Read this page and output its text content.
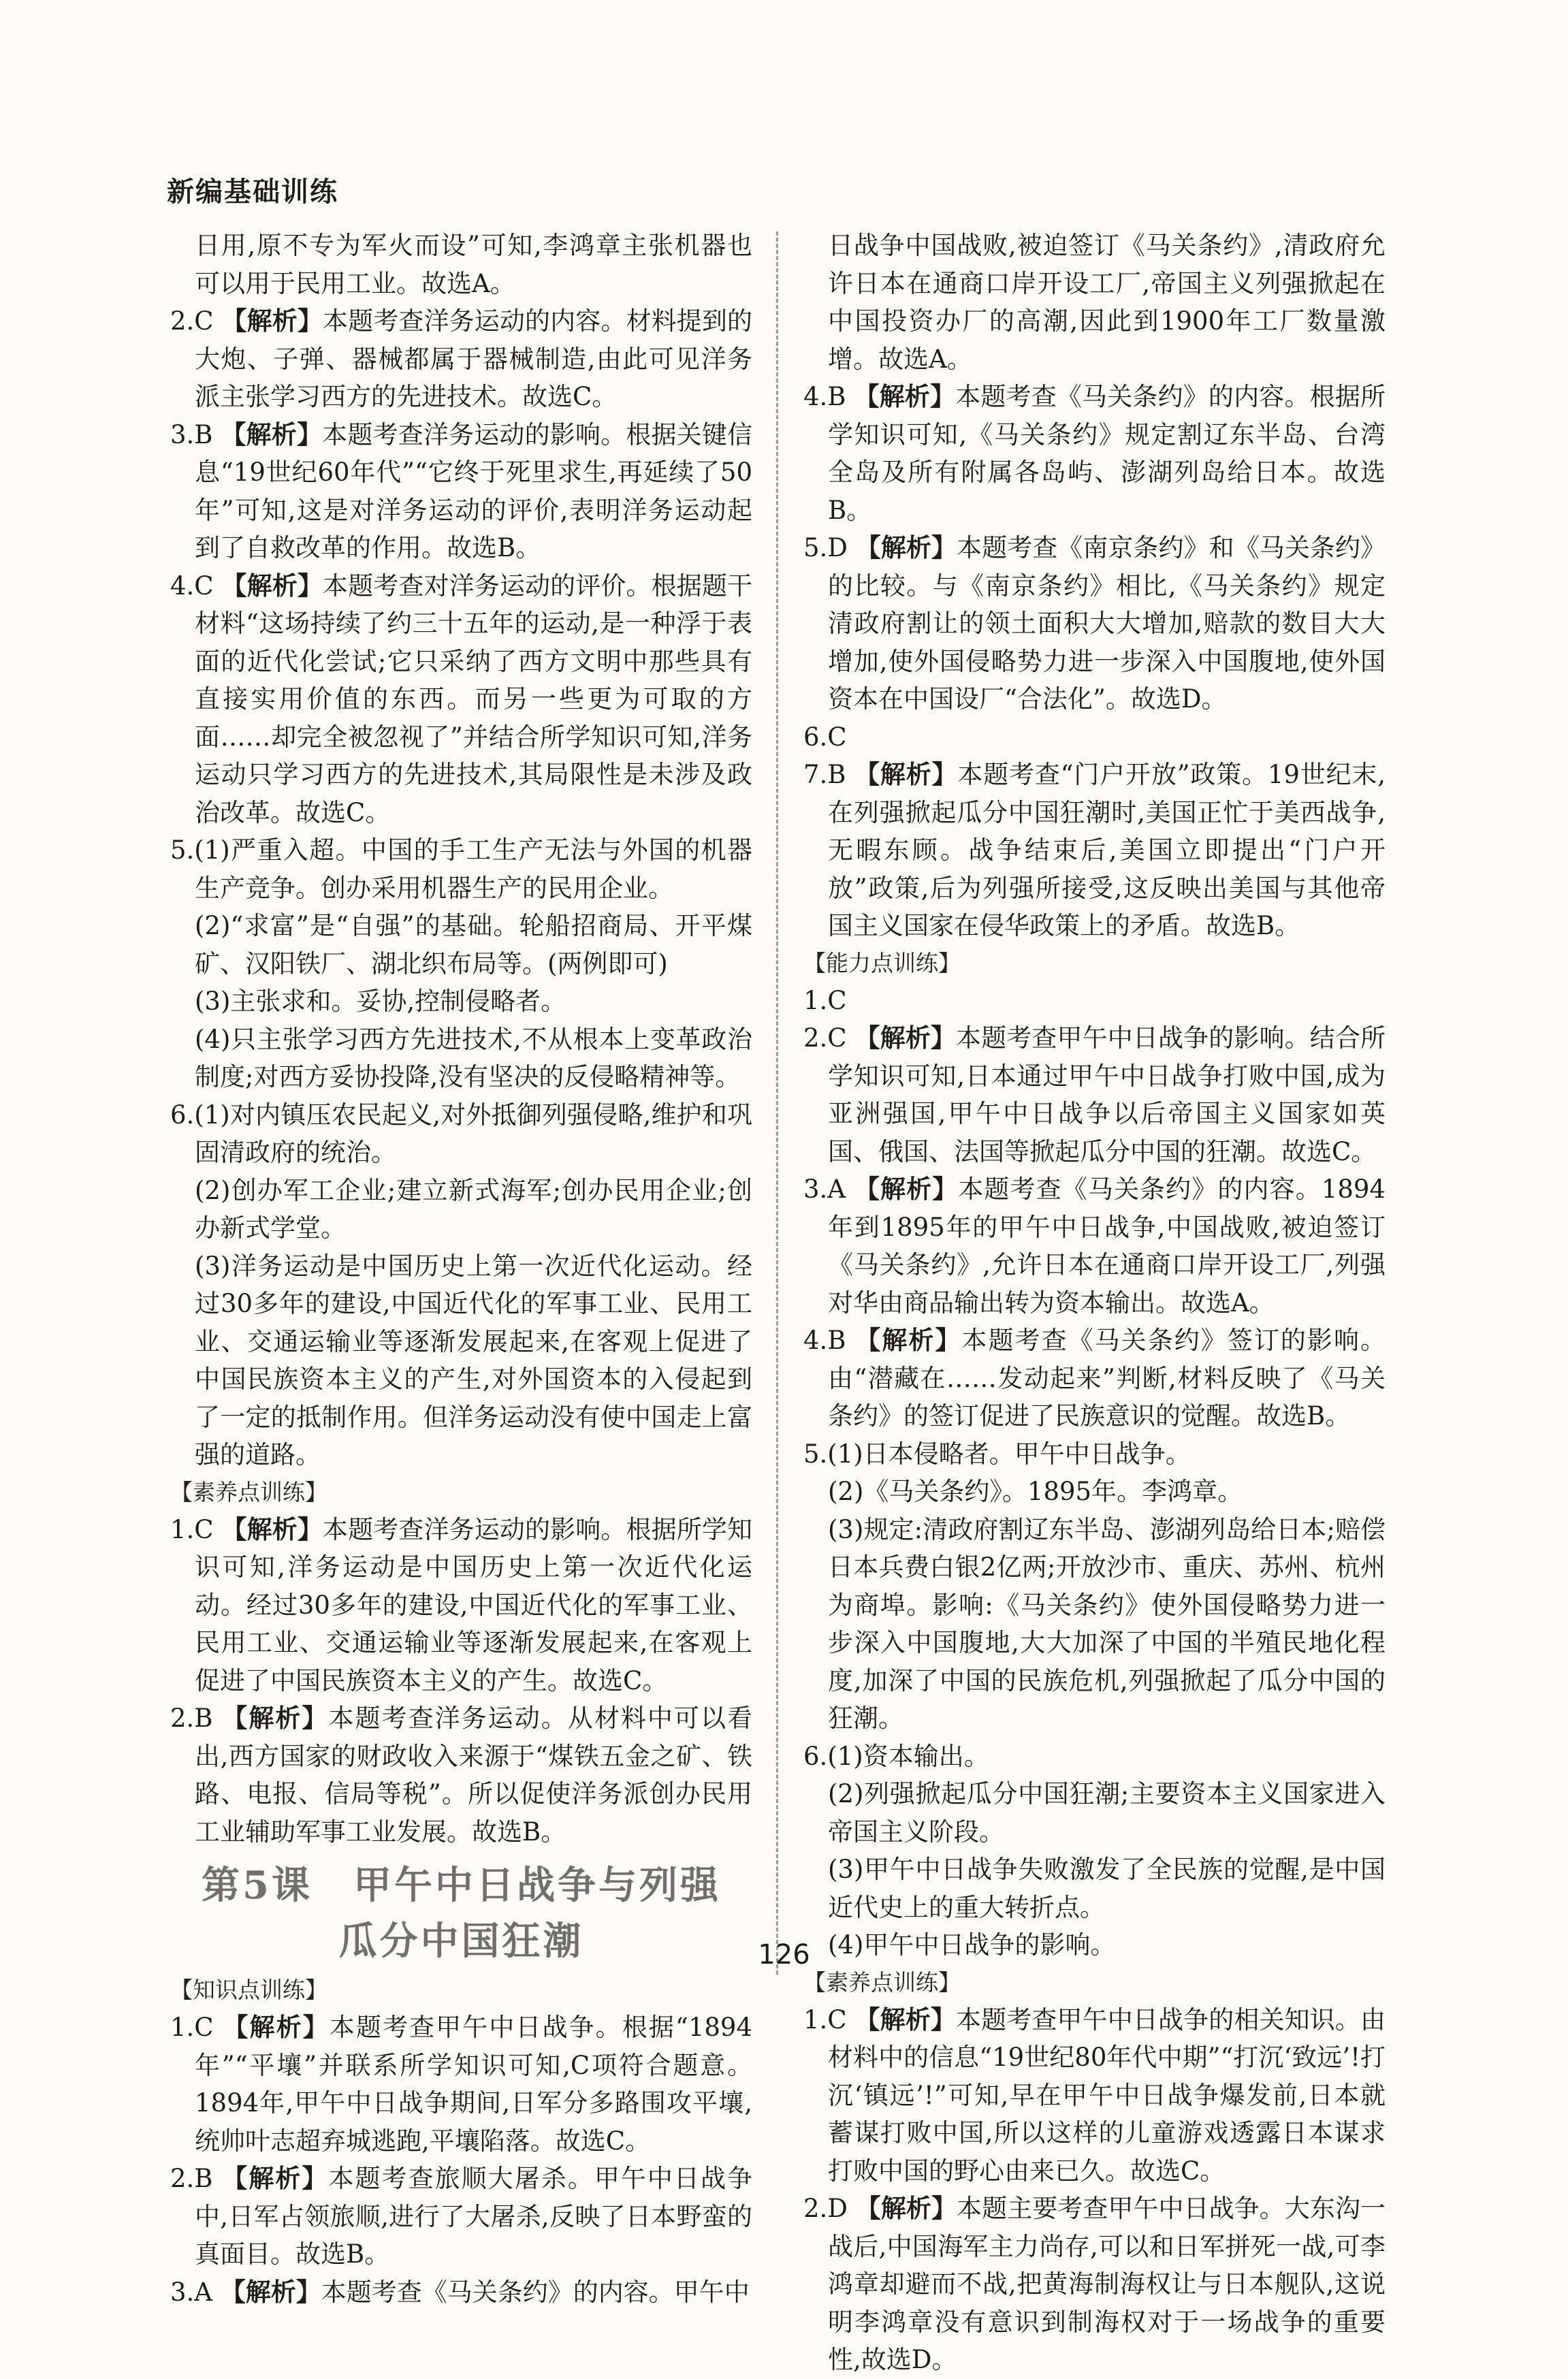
新编基础训练

日用,原不专为军火而设”可知,李鸿章主张机器也可以用于民用工业。故选A。

2.C 【解析】本题考查洋务运动的内容。材料提到的大炮、子弹、器械都属于器械制造,由此可见洋务派主张学习西方的先进技术。故选C。

3.B 【解析】本题考查洋务运动的影响。根据关键信息“19世纪60年代”“它终于死里求生,再延续了50年”可知,这是对洋务运动的评价,表明洋务运动起到了自救改革的作用。故选B。

4.C 【解析】本题考查对洋务运动的评价。根据题干材料“这场持续了约三十五年的运动,是一种浮于表面的近代化尝试;它只采纳了西方文明中那些具有直接实用价值的东西。而另一些更为可取的方面……却完全被忽视了”并结合所学知识可知,洋务运动只学习西方的先进技术,其局限性是未涉及政治改革。故选C。

5.(1)严重入超。中国的手工生产无法与外国的机器生产竞争。创办采用机器生产的民用企业。

(2)“求富”是“自强”的基础。轮船招商局、开平煤矿、汉阳铁厂、湖北织布局等。(两例即可)

(3)主张求和。妥协,控制侵略者。

(4)只主张学习西方先进技术,不从根本上变革政治制度;对西方妥协投降,没有坚决的反侵略精神等。

6.(1)对内镇压农民起义,对外抵御列强侵略,维护和巩固清政府的统治。

(2)创办军工企业;建立新式海军;创办民用企业;创办新式学堂。

(3)洋务运动是中国历史上第一次近代化运动。经过30多年的建设,中国近代化的军事工业、民用工业、交通运输业等逐渐发展起来,在客观上促进了中国民族资本主义的产生,对外国资本的入侵起到了一定的抵制作用。但洋务运动没有使中国走上富强的道路。

【素养点训练】

1.C 【解析】本题考查洋务运动的影响。根据所学知识可知,洋务运动是中国历史上第一次近代化运动。经过30多年的建设,中国近代化的军事工业、民用工业、交通运输业等逐渐发展起来,在客观上促进了中国民族资本主义的产生。故选C。

2.B 【解析】本题考查洋务运动。从材料中可以看出,西方国家的财政收入来源于“煤铁五金之矿、铁路、电报、信局等税”。所以促使洋务派创办民用工业辅助军事工业发展。故选B。

第5课　甲午中日战争与列强
瓜分中国狂潮
【知识点训练】

1.C 【解析】本题考查甲午中日战争。根据“1894年”“平壤”并联系所学知识可知,C项符合题意。1894年,甲午中日战争期间,日军分多路围攻平壤,统帅叶志超弃城逃跑,平壤陷落。故选C。

2.B 【解析】本题考查旅顺大屠杀。甲午中日战争中,日军占领旅顺,进行了大屠杀,反映了日本野蛮的真面目。故选B。

3.A 【解析】本题考查《马关条约》的内容。甲午中

日战争中国战败,被迫签订《马关条约》,清政府允许日本在通商口岸开设工厂,帝国主义列强掀起在中国投资办厂的高潮,因此到1900年工厂数量激增。故选A。

4.B 【解析】本题考查《马关条约》的内容。根据所学知识可知,《马关条约》规定割辽东半岛、台湾全岛及所有附属各岛屿、澎湖列岛给日本。故选B。

5.D 【解析】本题考查《南京条约》和《马关条约》的比较。与《南京条约》相比,《马关条约》规定清政府割让的领土面积大大增加,赔款的数目大大增加,使外国侵略势力进一步深入中国腹地,使外国资本在中国设厂“合法化”。故选D。

6.C

7.B 【解析】本题考查“门户开放”政策。19世纪末,在列强掀起瓜分中国狂潮时,美国正忙于美西战争,无暇东顾。战争结束后,美国立即提出“门户开放”政策,后为列强所接受,这反映出美国与其他帝国主义国家在侵华政策上的矛盾。故选B。

【能力点训练】

1.C

2.C 【解析】本题考查甲午中日战争的影响。结合所学知识可知,日本通过甲午中日战争打败中国,成为亚洲强国,甲午中日战争以后帝国主义国家如英国、俄国、法国等掀起瓜分中国的狂潮。故选C。

3.A 【解析】本题考查《马关条约》的内容。1894年到1895年的甲午中日战争,中国战败,被迫签订《马关条约》,允许日本在通商口岸开设工厂,列强对华由商品输出转为资本输出。故选A。

4.B 【解析】本题考查《马关条约》签订的影响。由“潜藏在……发动起来”判断,材料反映了《马关条约》的签订促进了民族意识的觉醒。故选B。

5.(1)日本侵略者。甲午中日战争。

(2)《马关条约》。1895年。李鸿章。

(3)规定:清政府割辽东半岛、澎湖列岛给日本;赔偿日本兵费白银2亿两;开放沙市、重庆、苏州、杭州为商埠。影响:《马关条约》使外国侵略势力进一步深入中国腹地,大大加深了中国的半殖民地化程度,加深了中国的民族危机,列强掀起了瓜分中国的狂潮。

6.(1)资本输出。

(2)列强掀起瓜分中国狂潮;主要资本主义国家进入帝国主义阶段。

(3)甲午中日战争失败激发了全民族的觉醒,是中国近代史上的重大转折点。

(4)甲午中日战争的影响。

【素养点训练】

1.C 【解析】本题考查甲午中日战争的相关知识。由材料中的信息“19世纪80年代中期”“打沉‘致远’!打沉‘镇远’!”可知,早在甲午中日战争爆发前,日本就蓄谋打败中国,所以这样的儿童游戏透露日本谋求打败中国的野心由来已久。故选C。

2.D 【解析】本题主要考查甲午中日战争。大东沟一战后,中国海军主力尚存,可以和日军拼死一战,可李鸿章却避而不战,把黄海制海权让与日本舰队,这说明李鸿章没有意识到制海权对于一场战争的重要性,故选D。

126
